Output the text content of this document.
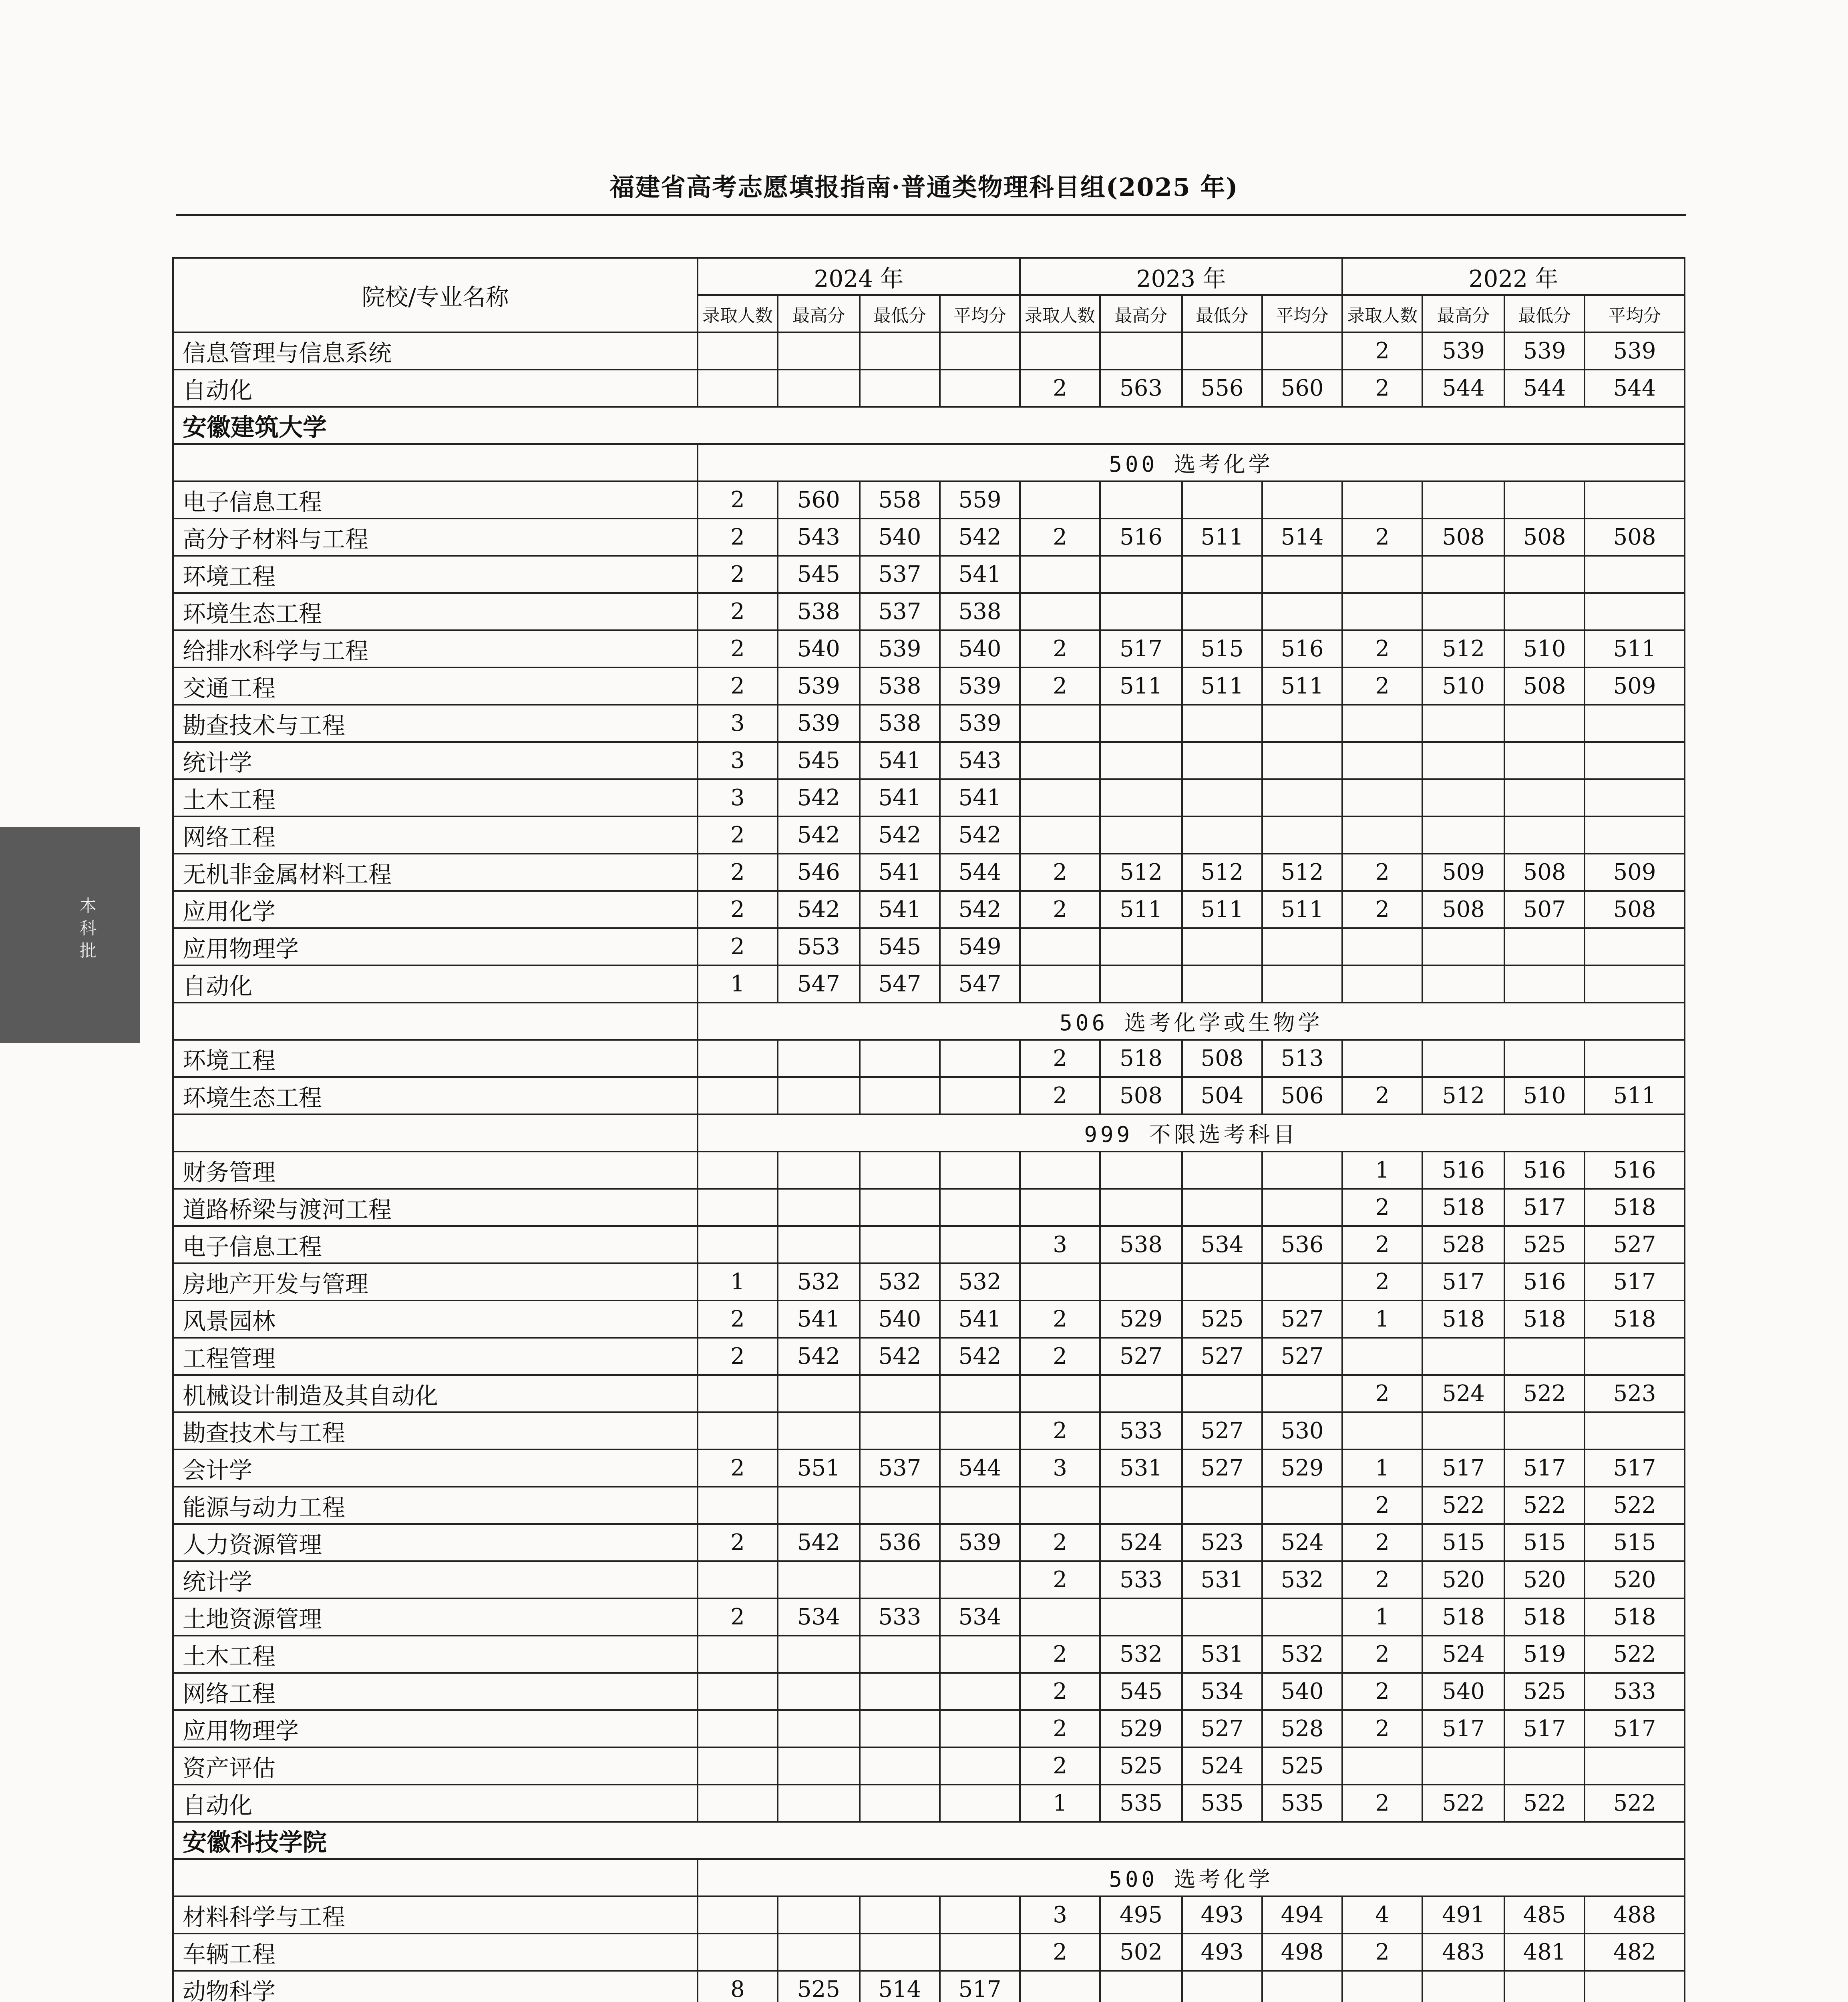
福建省高考志愿填报指南·普通类物理科目组(2025 年)
本
科
批
院校/专业名称	2024 年				2023 年				2022 年			
	录取人数	最高分	最低分	平均分	录取人数	最高分	最低分	平均分	录取人数	最高分	最低分	平均分
信息管理与信息系统									2	539	539	539
自动化					2	563	556	560	2	544	544	544
安徽建筑大学												
	500 选考化学											
电子信息工程	2	560	558	559								
高分子材料与工程	2	543	540	542	2	516	511	514	2	508	508	508
环境工程	2	545	537	541								
环境生态工程	2	538	537	538								
给排水科学与工程	2	540	539	540	2	517	515	516	2	512	510	511
交通工程	2	539	538	539	2	511	511	511	2	510	508	509
勘查技术与工程	3	539	538	539								
统计学	3	545	541	543								
土木工程	3	542	541	541								
网络工程	2	542	542	542								
无机非金属材料工程	2	546	541	544	2	512	512	512	2	509	508	509
应用化学	2	542	541	542	2	511	511	511	2	508	507	508
应用物理学	2	553	545	549								
自动化	1	547	547	547								
	506 选考化学或生物学											
环境工程					2	518	508	513				
环境生态工程					2	508	504	506	2	512	510	511
	999 不限选考科目											
财务管理									1	516	516	516
道路桥梁与渡河工程									2	518	517	518
电子信息工程					3	538	534	536	2	528	525	527
房地产开发与管理	1	532	532	532					2	517	516	517
风景园林	2	541	540	541	2	529	525	527	1	518	518	518
工程管理	2	542	542	542	2	527	527	527				
机械设计制造及其自动化									2	524	522	523
勘查技术与工程					2	533	527	530				
会计学	2	551	537	544	3	531	527	529	1	517	517	517
能源与动力工程									2	522	522	522
人力资源管理	2	542	536	539	2	524	523	524	2	515	515	515
统计学					2	533	531	532	2	520	520	520
土地资源管理	2	534	533	534					1	518	518	518
土木工程					2	532	531	532	2	524	519	522
网络工程					2	545	534	540	2	540	525	533
应用物理学					2	529	527	528	2	517	517	517
资产评估					2	525	524	525				
自动化					1	535	535	535	2	522	522	522
安徽科技学院												
	500 选考化学											
材料科学与工程					3	495	493	494	4	491	485	488
车辆工程					2	502	493	498	2	483	481	482
动物科学	8	525	514	517								
